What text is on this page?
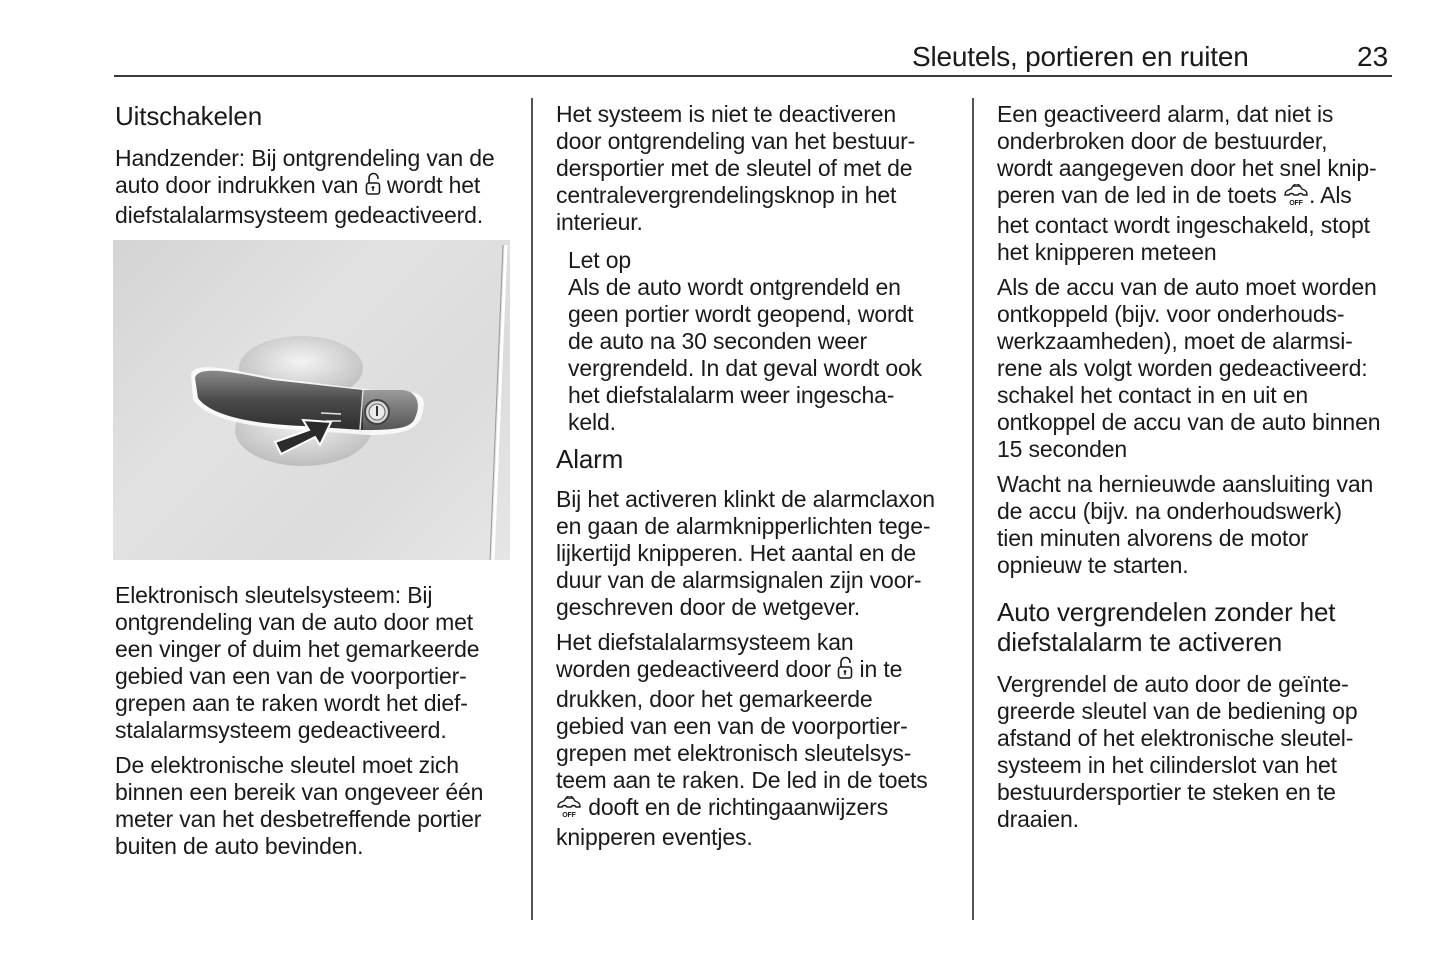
Sleutels, portieren en ruiten	23
Uitschakelen
Handzender: Bij ontgrendeling van de
auto door indrukken van wordt het
diefstalalarmsysteem gedeactiveerd.
Elektronisch sleutelsysteem: Bij
ontgrendeling van de auto door met
een vinger of duim het gemarkeerde
gebied van een van de voorportier-
grepen aan te raken wordt het dief-
stalalarmsysteem gedeactiveerd.
De elektronische sleutel moet zich
binnen een bereik van ongeveer één
meter van het desbetreffende portier
buiten de auto bevinden.
Het systeem is niet te deactiveren
door ontgrendeling van het bestuur-
dersportier met de sleutel of met de
centralevergrendelingsknop in het
interieur.
Let op
Als de auto wordt ontgrendeld en
geen portier wordt geopend, wordt
de auto na 30 seconden weer
vergrendeld. In dat geval wordt ook
het diefstalalarm weer ingescha-
keld.
Alarm
Bij het activeren klinkt de alarmclaxon
en gaan de alarmknipperlichten tege-
lijkertijd knipperen. Het aantal en de
duur van de alarmsignalen zijn voor-
geschreven door de wetgever.
Het diefstalalarmsysteem kan
worden gedeactiveerd door in te
drukken, door het gemarkeerde
gebied van een van de voorportier-
grepen met elektronisch sleutelsys-
teem aan te raken. De led in de toets
OFF dooft en de richtingaanwijzers
knipperen eventjes.
Een geactiveerd alarm, dat niet is
onderbroken door de bestuurder,
wordt aangegeven door het snel knip-
peren van de led in de toets OFF . Als
het contact wordt ingeschakeld, stopt
het knipperen meteen
Als de accu van de auto moet worden
ontkoppeld (bijv. voor onderhouds-
werkzaamheden), moet de alarmsi-
rene als volgt worden gedeactiveerd:
schakel het contact in en uit en
ontkoppel de accu van de auto binnen
15 seconden
Wacht na hernieuwde aansluiting van
de accu (bijv. na onderhoudswerk)
tien minuten alvorens de motor
opnieuw te starten.
Auto vergrendelen zonder het
diefstalalarm te activeren
Vergrendel de auto door de geïnte-
greerde sleutel van de bediening op
afstand of het elektronische sleutel-
systeem in het cilinderslot van het
bestuurdersportier te steken en te
draaien.
